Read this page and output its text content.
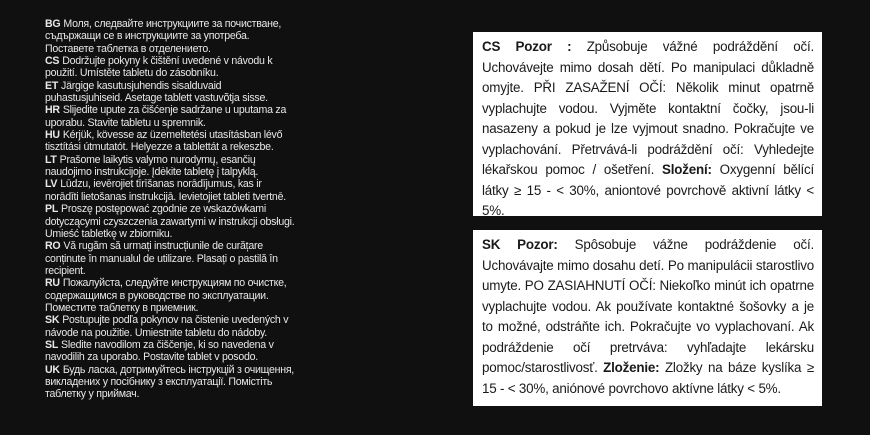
BG Моля, следвайте инструкциите за почистване, съдържащи се в инструкциите за употреба. Поставете таблетка в отделението.

CS Dodržujte pokyny k čištění uvedené v návodu k použití. Umístěte tabletu do zásobníku.

ET Järgige kasutusjuhendis sisalduvaid puhastusjuhiseid. Asetage tablett vastuvõtja sisse.

HR Slijedite upute za čišćenje sadržane u uputama za uporabu. Stavite tabletu u spremnik.

HU Kérjük, kövesse az üzemeltetési utasításban lévő tisztítási útmutatót. Helyezze a tablettát a rekeszbe.

LT Prašome laikytis valymo nurodymų, esančių naudojimo instrukcijoje. Įdėkite tabletę į talpyklą.

LV Lūdzu, ievērojiet tīrīšanas norādījumus, kas ir norādīti lietošanas instrukcijā. Ievietojiet tableti tvertnē.

PL Proszę postępować zgodnie ze wskazówkami dotyczącymi czyszczenia zawartymi w instrukcji obsługi. Umieść tabletkę w zbiorniku.

RO Vă rugăm să urmați instrucțiunile de curățare conținute în manualul de utilizare. Plasați o pastilă în recipient.

RU Пожалуйста, следуйте инструкциям по очистке, содержащимся в руководстве по эксплуатации. Поместите таблетку в приемник.

SK Postupujte podľa pokynov na čistenie uvedených v návode na použitie. Umiestnite tabletu do nádoby.

SL Sledite navodilom za čiščenje, ki so navedena v navodilih za uporabo. Postavite tablet v posodo.

UK Будь ласка, дотримуйтесь інструкцій з очищення, викладених у посібнику з експлуатації. Помістіть таблетку у приймач.

CS Pozor : Způsobuje vážné podráždění očí. Uchovávejte mimo dosah dětí. Po manipulaci důkladně omyjte. PŘI ZASAŽENÍ OČÍ: Několik minut opatrně vyplachujte vodou. Vyjměte kontaktní čočky, jsou-li nasazeny a pokud je lze vyjmout snadno. Pokračujte ve vyplachování. Přetrvává-li podráždění očí: Vyhledejte lékařskou pomoc / ošetření. Složení: Oxygenní bělící látky ≥ 15 - < 30%, aniontové povrchově aktivní látky < 5%.
SK Pozor: Spôsobuje vážne podráždenie očí. Uchovávajte mimo dosahu detí. Po manipulácii starostlivo umyte. PO ZASIAHNUTÍ OČÍ: Niekoľko minút ich opatrne vyplachujte vodou. Ak používate kontaktné šošovky a je to možné, odstráňte ich. Pokračujte vo vyplachovaní. Ak podráždenie očí pretrváva: vyhľadajte lekársku pomoc/starostlivosť. Zloženie: Zložky na báze kyslíka ≥ 15 - < 30%, aniónové povrchovo aktívne látky < 5%.
